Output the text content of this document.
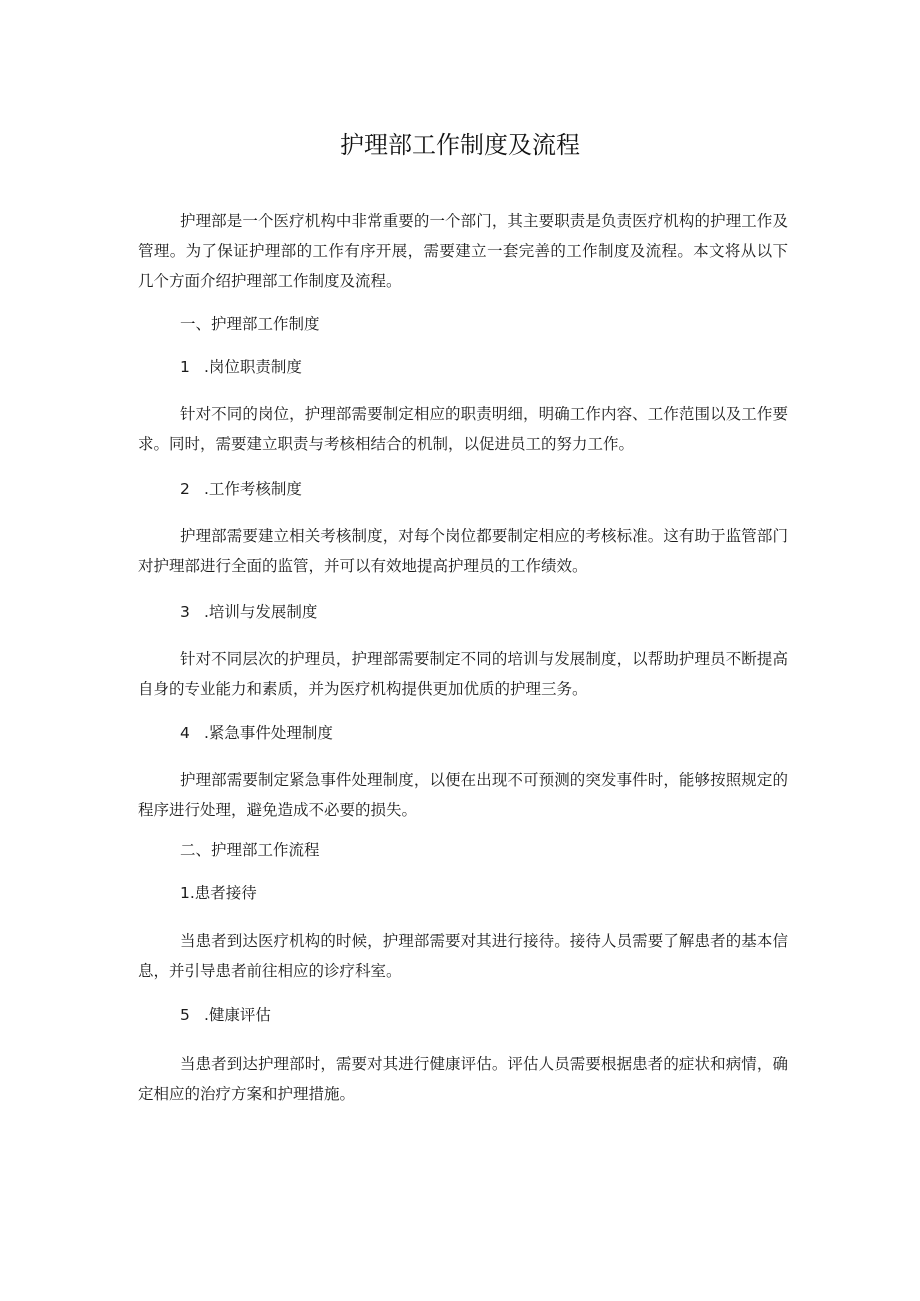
护理部工作制度及流程

护理部是一个医疗机构中非常重要的一个部门，其主要职责是负责医疗机构的护理工作及管理。为了保证护理部的工作有序开展，需要建立一套完善的工作制度及流程。本文将从以下几个方面介绍护理部工作制度及流程。

一、护理部工作制度
1 .岗位职责制度

针对不同的岗位，护理部需要制定相应的职责明细，明确工作内容、工作范围以及工作要求。同时，需要建立职责与考核相结合的机制，以促进员工的努力工作。

2 .工作考核制度

护理部需要建立相关考核制度，对每个岗位都要制定相应的考核标准。这有助于监管部门对护理部进行全面的监管，并可以有效地提高护理员的工作绩效。

3 .培训与发展制度

针对不同层次的护理员，护理部需要制定不同的培训与发展制度，以帮助护理员不断提高自身的专业能力和素质，并为医疗机构提供更加优质的护理三务。

4 .紧急事件处理制度

护理部需要制定紧急事件处理制度，以便在出现不可预测的突发事件时，能够按照规定的程序进行处理，避免造成不必要的损失。

二、护理部工作流程
1.患者接待

当患者到达医疗机构的时候，护理部需要对其进行接待。接待人员需要了解患者的基本信息，并引导患者前往相应的诊疗科室。

5 .健康评估

当患者到达护理部时，需要对其进行健康评估。评估人员需要根据患者的症状和病情，确定相应的治疗方案和护理措施。
